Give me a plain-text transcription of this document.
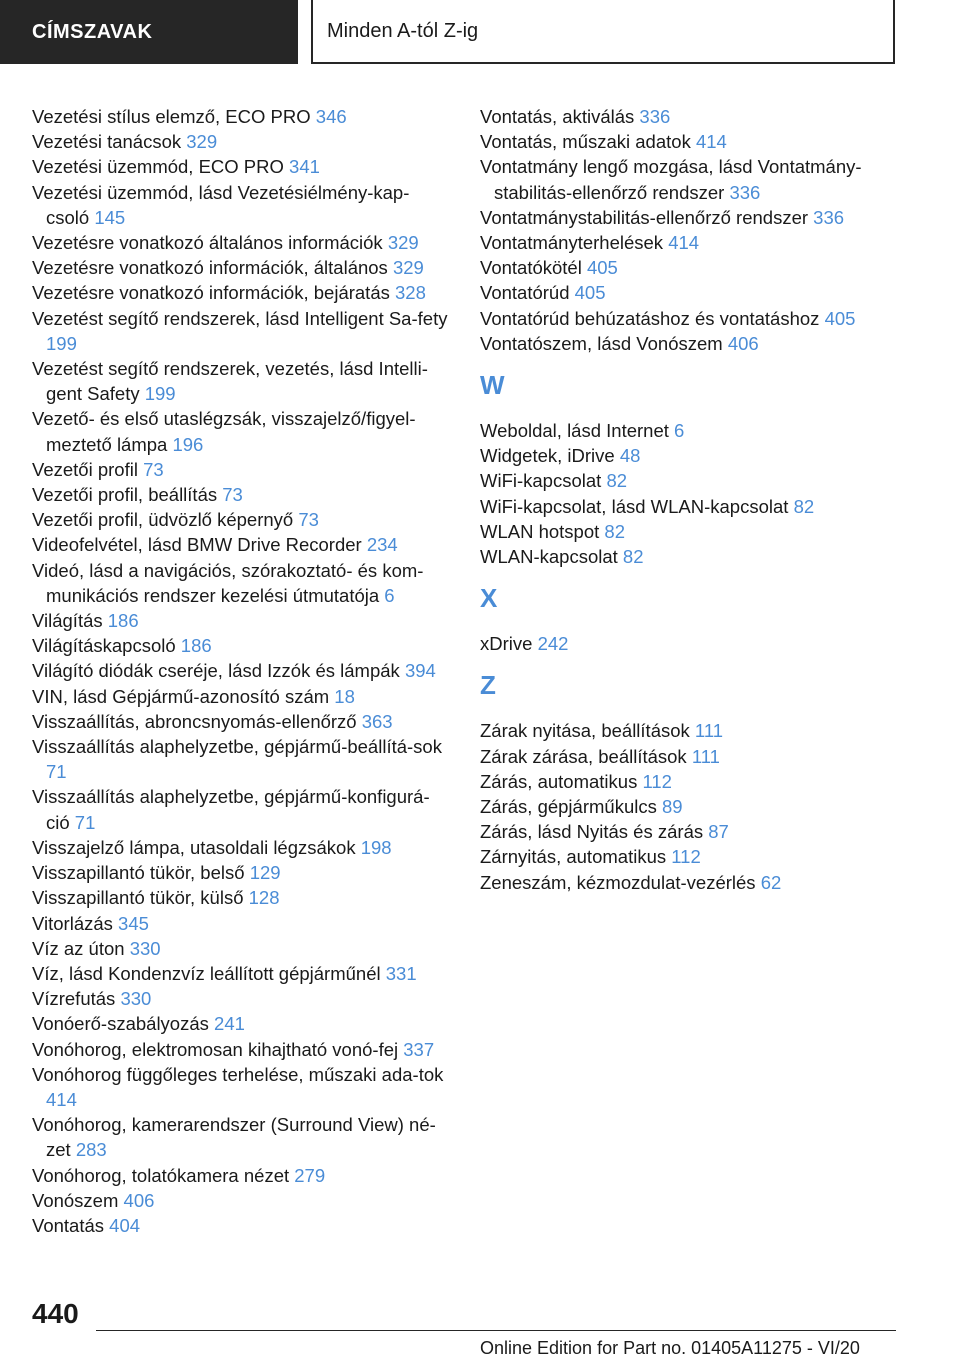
CÍMSZAVAK	Minden A-tól Z-ig

Vezetési stílus elemző, ECO PRO 346

Vezetési tanácsok 329

Vezetési üzemmód, ECO PRO 341

Vezetési üzemmód, lásd Vezetésiélmény-kap-csoló 145

Vezetésre vonatkozó általános információk 329

Vezetésre vonatkozó információk, általános 329

Vezetésre vonatkozó információk, bejáratás 328

Vezetést segítő rendszerek, lásd Intelligent Sa-fety 199

Vezetést segítő rendszerek, vezetés, lásd Intelli-gent Safety 199

Vezető- és első utaslégzsák, visszajelző/figyel-meztető lámpa 196

Vezetői profil 73

Vezetői profil, beállítás 73

Vezetői profil, üdvözlő képernyő 73

Videofelvétel, lásd BMW Drive Recorder 234

Videó, lásd a navigációs, szórakoztató- és kom-munikációs rendszer kezelési útmutatója 6

Világítás 186

Világításkapcsoló 186

Világító diódák cseréje, lásd Izzók és lámpák 394

VIN, lásd Gépjármű-azonosító szám 18

Visszaállítás, abroncsnyomás-ellenőrző 363

Visszaállítás alaphelyzetbe, gépjármű-beállítá-sok 71

Visszaállítás alaphelyzetbe, gépjármű-konfigurá-ció 71

Visszajelző lámpa, utasoldali légzsákok 198

Visszapillantó tükör, belső 129

Visszapillantó tükör, külső 128

Vitorlázás 345

Víz az úton 330

Víz, lásd Kondenzvíz leállított gépjárműnél 331

Vízrefutás 330

Vonóerő-szabályozás 241

Vonóhorog, elektromosan kihajtható vonó-fej 337

Vonóhorog függőleges terhelése, műszaki ada-tok 414

Vonóhorog, kamerarendszer (Surround View) né-zet 283

Vonóhorog, tolatókamera nézet 279

Vonószem 406

Vontatás 404

Vontatás, aktiválás 336

Vontatás, műszaki adatok 414

Vontatmány lengő mozgása, lásd Vontatmány-stabilitás-ellenőrző rendszer 336

Vontatmánystabilitás-ellenőrző rendszer 336

Vontatmányterhelések 414

Vontatókötél 405

Vontatórúd 405

Vontatórúd behúzatáshoz és vontatáshoz 405

Vontatószem, lásd Vonószem 406

W

Weboldal, lásd Internet 6

Widgetek, iDrive 48

WiFi-kapcsolat 82

WiFi-kapcsolat, lásd WLAN-kapcsolat 82

WLAN hotspot 82

WLAN-kapcsolat 82

X

xDrive 242

Z

Zárak nyitása, beállítások 111

Zárak zárása, beállítások 111

Zárás, automatikus 112

Zárás, gépjárműkulcs 89

Zárás, lásd Nyitás és zárás 87

Zárnyitás, automatikus 112

Zeneszám, kézmozdulat-vezérlés 62

440
Online Edition for Part no. 01405A11275 - VI/20
